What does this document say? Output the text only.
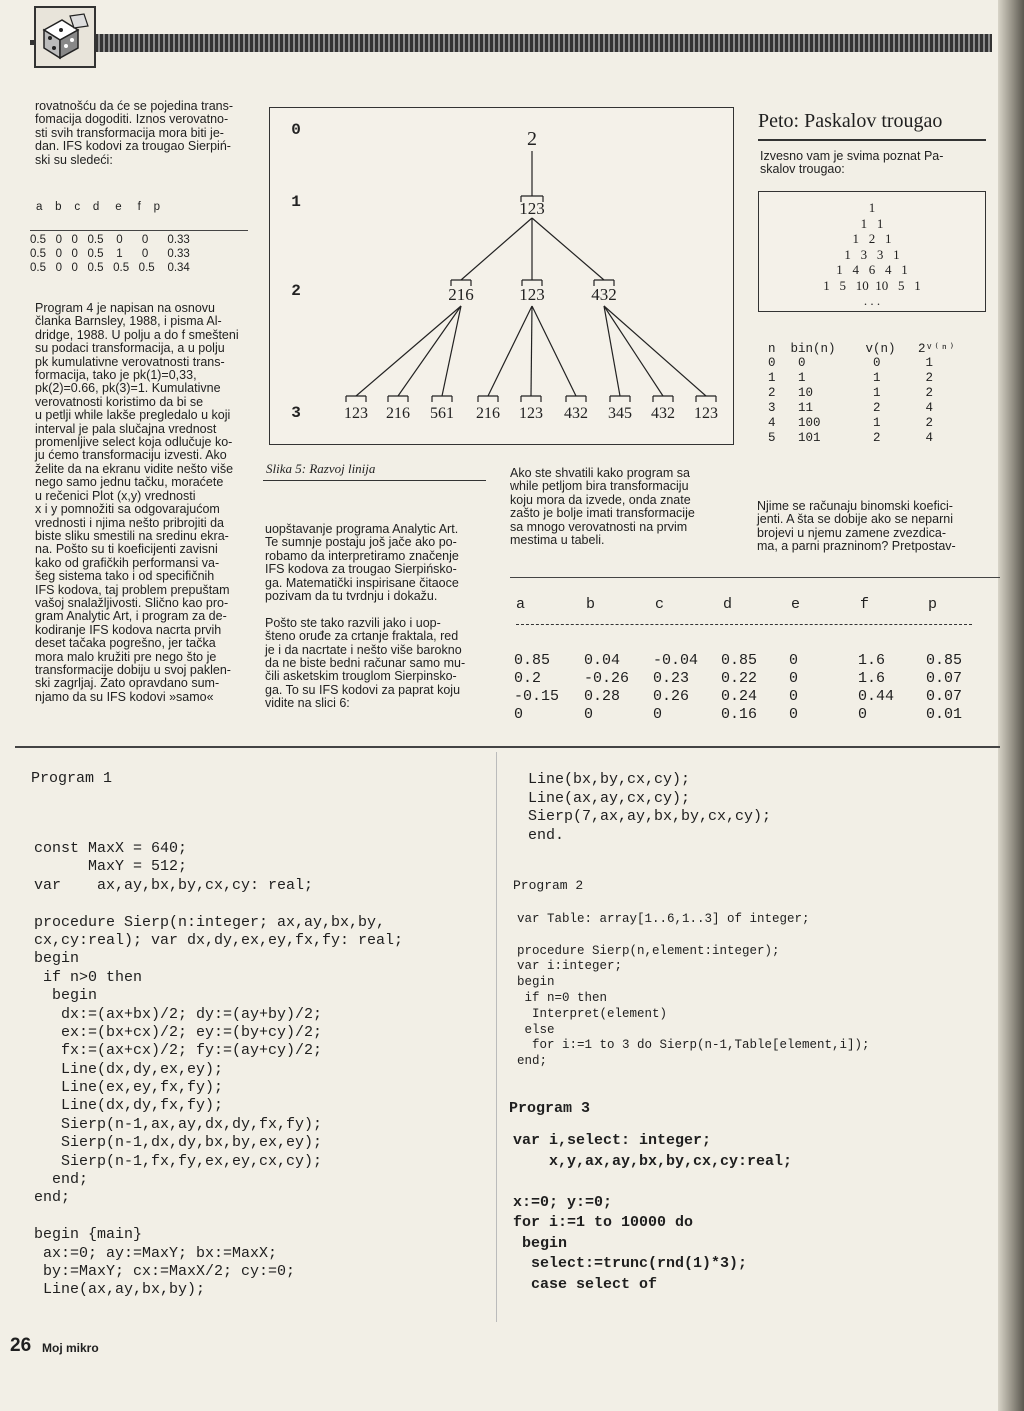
rovatnošću da će se pojedina trans-
fomacija dogoditi. Iznos verovatno-
sti svih transformacija mora biti je-
dan. IFS kodovi za trougao Sierpiń-
ski su sledeći:
a    b    c    d     e     f    p
0.5   0   0   0.5    0      0      0.33
0.5   0   0   0.5    1      0      0.33
0.5   0   0   0.5   0.5   0.5    0.34
Program 4 je napisan na osnovu
članka Barnsley, 1988, i pisma Al-
dridge, 1988. U polju a do f smešteni
su podaci transformacija, a u polju
pk kumulativne verovatnosti trans-
formacija, tako je pk(1)=0,33,
pk(2)=0.66, pk(3)=1. Kumulativne
verovatnosti koristimo da bi se
u petlji while lakše pregledalo u koji
interval je pala slučajna vrednost
promenljive select koja odlučuje ko-
ju ćemo transformaciju izvesti. Ako
želite da na ekranu vidite nešto više
nego samo jednu tačku, moraćete
u rečenici Plot (x,y) vrednosti
x i y pomnožiti sa odgovarajućom
vrednosti i njima nešto pribrojiti da
biste sliku smestili na sredinu ekra-
na. Pošto su ti koeficijenti zavisni
kako od grafičkih performansi va-
šeg sistema tako i od specifičnih
IFS kodova, taj problem prepuštam
vašoj snalažljivosti. Slično kao pro-
gram Analytic Art, i program za de-
kodiranje IFS kodova nacrta prvih
deset tačaka pogrešno, jer tačka
mora malo kružiti pre nego što je
transformacije dobiju u svoj paklen-
ski zagrljaj. Zato opravdano sum-
njamo da su IFS kodovi »samo«
0
1
2
3
2
123
216	123	432
123 216 561 216 123 432 345 432 123
Slika 5: Razvoj linija
uopštavanje programa Analytic Art.
Te sumnje postaju još jače ako po-
robamo da interpretiramo značenje
IFS kodova za trougao Sierpińsko-
ga. Matematički inspirisane čitaoce
pozivam da tu tvrdnju i dokažu.

Pošto ste tako razvili jako i uop-
šteno oruđe za crtanje fraktala, red
je i da nacrtate i nešto više barokno
da ne biste bedni računar samo mu-
čili asketskim trouglom Sierpinsko-
ga. To su IFS kodovi za paprat koju
vidite na slici 6:
Ako ste shvatili kako program sa
while petljom bira transformaciju
koju mora da izvede, onda znate
zašto je bolje imati transformacije
sa mnogo verovatnosti na prvim
mestima u tabeli.
Peto: Paskalov trougao
Izvesno vam je svima poznat Pa-
skalov trougao:
1
1   1
1   2   1
1   3   3   1
1   4   6   4   1
1   5   10  10   5   1
. . .
n  bin(n)    v(n)   2ᵛ⁽ⁿ⁾
0   0         0      1
1   1         1      2
2   10        1      2
3   11        2      4
4   100       1      2
5   101       2      4
Njime se računaju binomski koefici-
jenti. A šta se dobije ako se neparni
brojevi u njemu zamene zvezdica-
ma, a parni prazninom? Pretpostav-
a	b	c	d	e	f	p
0.85 0.04 -0.04 0.85 0	1.6	0.85
0.2	-0.26 0.23 0.22 0	1.6	0.07
-0.15 0.28 0.26 0.24 0	0.44 0.07
0	0	0	0.16 0	0	0.01
Program 1
const MaxX = 640;
MaxY = 512;
var    ax,ay,bx,by,cx,cy: real;

procedure Sierp(n:integer; ax,ay,bx,by,
cx,cy:real); var dx,dy,ex,ey,fx,fy: real;
begin
if n>0 then
begin
dx:=(ax+bx)/2; dy:=(ay+by)/2;
ex:=(bx+cx)/2; ey:=(by+cy)/2;
fx:=(ax+cx)/2; fy:=(ay+cy)/2;
Line(dx,dy,ex,ey);
Line(ex,ey,fx,fy);
Line(dx,dy,fx,fy);
Sierp(n-1,ax,ay,dx,dy,fx,fy);
Sierp(n-1,dx,dy,bx,by,ex,ey);
Sierp(n-1,fx,fy,ex,ey,cx,cy);
end;
end;

begin {main}
ax:=0; ay:=MaxY; bx:=MaxX;
by:=MaxY; cx:=MaxX/2; cy:=0;
Line(ax,ay,bx,by);
Line(bx,by,cx,cy);
Line(ax,ay,cx,cy);
Sierp(7,ax,ay,bx,by,cx,cy);
end.
Program 2
var Table: array[1..6,1..3] of integer;

procedure Sierp(n,element:integer);
var i:integer;
begin
if n=0 then
Interpret(element)
else
for i:=1 to 3 do Sierp(n-1,Table[element,i]);
end;
Program 3
var i,select: integer;
x,y,ax,ay,bx,by,cx,cy:real;

x:=0; y:=0;
for i:=1 to 10000 do
begin
select:=trunc(rnd(1)*3);
case select of
26 Moj mikro
